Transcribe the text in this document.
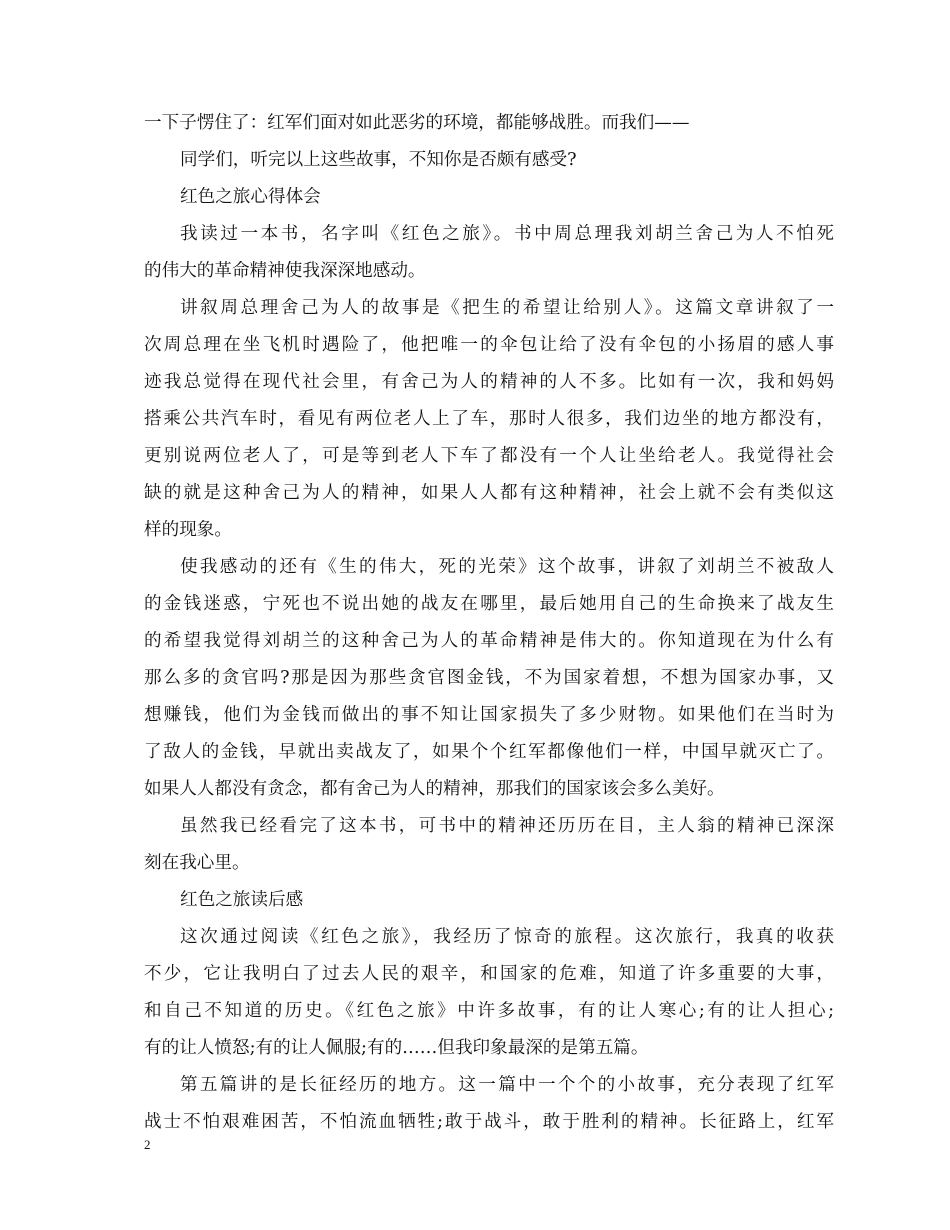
一下子愣住了：红军们面对如此恶劣的环境，都能够战胜。而我们——
同学们，听完以上这些故事，不知你是否颇有感受?
红色之旅心得体会
我读过一本书，名字叫《红色之旅》。书中周总理我刘胡兰舍己为人不怕死
的伟大的革命精神使我深深地感动。
讲叙周总理舍己为人的故事是《把生的希望让给别人》。这篇文章讲叙了一
次周总理在坐飞机时遇险了，他把唯一的伞包让给了没有伞包的小扬眉的感人事
迹我总觉得在现代社会里，有舍己为人的精神的人不多。比如有一次，我和妈妈
搭乘公共汽车时，看见有两位老人上了车，那时人很多，我们边坐的地方都没有，
更别说两位老人了，可是等到老人下车了都没有一个人让坐给老人。我觉得社会
缺的就是这种舍己为人的精神，如果人人都有这种精神，社会上就不会有类似这
样的现象。
使我感动的还有《生的伟大，死的光荣》这个故事，讲叙了刘胡兰不被敌人
的金钱迷惑，宁死也不说出她的战友在哪里，最后她用自己的生命换来了战友生
的希望我觉得刘胡兰的这种舍己为人的革命精神是伟大的。你知道现在为什么有
那么多的贪官吗?那是因为那些贪官图金钱，不为国家着想，不想为国家办事，又
想赚钱，他们为金钱而做出的事不知让国家损失了多少财物。如果他们在当时为
了敌人的金钱，早就出卖战友了，如果个个红军都像他们一样，中国早就灭亡了。
如果人人都没有贪念，都有舍己为人的精神，那我们的国家该会多么美好。
虽然我已经看完了这本书，可书中的精神还历历在目，主人翁的精神已深深
刻在我心里。
红色之旅读后感
这次通过阅读《红色之旅》，我经历了惊奇的旅程。这次旅行，我真的收获
不少，它让我明白了过去人民的艰辛，和国家的危难，知道了许多重要的大事，
和自己不知道的历史。《红色之旅》中许多故事，有的让人寒心;有的让人担心;
有的让人愤怒;有的让人佩服;有的……但我印象最深的是第五篇。
第五篇讲的是长征经历的地方。这一篇中一个个的小故事，充分表现了红军
战士不怕艰难困苦，不怕流血牺牲;敢于战斗，敢于胜利的精神。长征路上，红军
2
